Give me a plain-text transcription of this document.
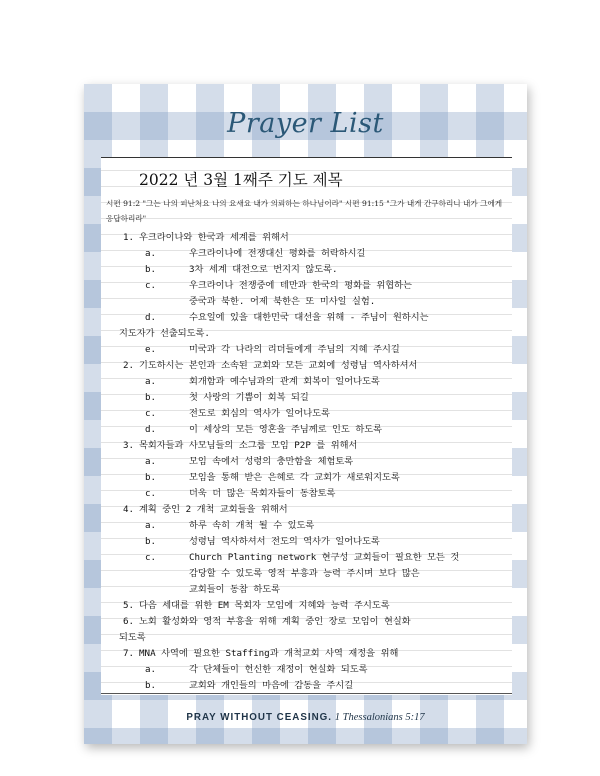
Prayer List
2022 년 3월 1째주 기도 제목
시편 91:2 "그는 나의 피난처요 나의 요새요 내가 의뢰하는 하나님이라" 시편 91:15 "그가 내게 간구하리니 내가 그에게 응답하리라"
1. 우크라이나와 한국과 세계를 위해서
a.	우크라이나에 전쟁대신 평화를 허락하시길
b.	3차 세계 대전으로 번지지 않도록.
c.	우크라이나 전쟁중에 테만과 한국의 평화를 위협하는
중국과 북한. 어제 북한은 또 미사일 실험.
d.	수요일에 있을 대한민국 대선을 위해 - 주님이 원하시는
지도자가 선출되도록.
e.	미국과 각 나라의 리더들에게 주님의 지혜 주시길
2. 기도하시는 본인과 소속된 교회와 모든 교회에 성령님 역사하셔서
a.	회개함과 예수님과의 관계 회복이 일어나도록
b.	첫 사랑의 기쁨이 회복 되길
c.	전도로 회심의 역사가 일어나도록
d.	이 세상의 모든 영혼을 주님께로 인도 하도록
3. 목회자들과 사모님들의 소그룹 모임 P2P 를 위해서
a.	모임 속에서 성령의 충만함을 체험토록
b.	모임을 통해 받은 은혜로 각 교회가 새로워지도록
c.	더욱 더 많은 목회자들이 동참토록
4. 계획 중인 2 개척 교회들을 위해서
a.	하루 속히 개척 될 수 있도록
b.	성령님 역사하셔서 전도의 역사가 일어나도록
c.	Church Planting network 현구성 교회들이 필요한 모든 것
감당할 수 있도록 영적 부흥과 능력 주시며 보다 많은
교회들이 동참 하도록
5. 다음 세대를 위한 EM 목회자 모임에 지혜와 능력 주시도록
6. 노회 활성화와 영적 부흥을 위해 계획 중인 장로 모임이 현실화
되도록
7. MNA 사역에 필요한 Staffing과 개척교회 사역 재정을 위해
a.	각 단체들이 헌신한 재정이 현실화 되도록
b.	교회와 개인들의 마음에 감동을 주시길
PRAY WITHOUT CEASING. 1 Thessalonians 5:17
